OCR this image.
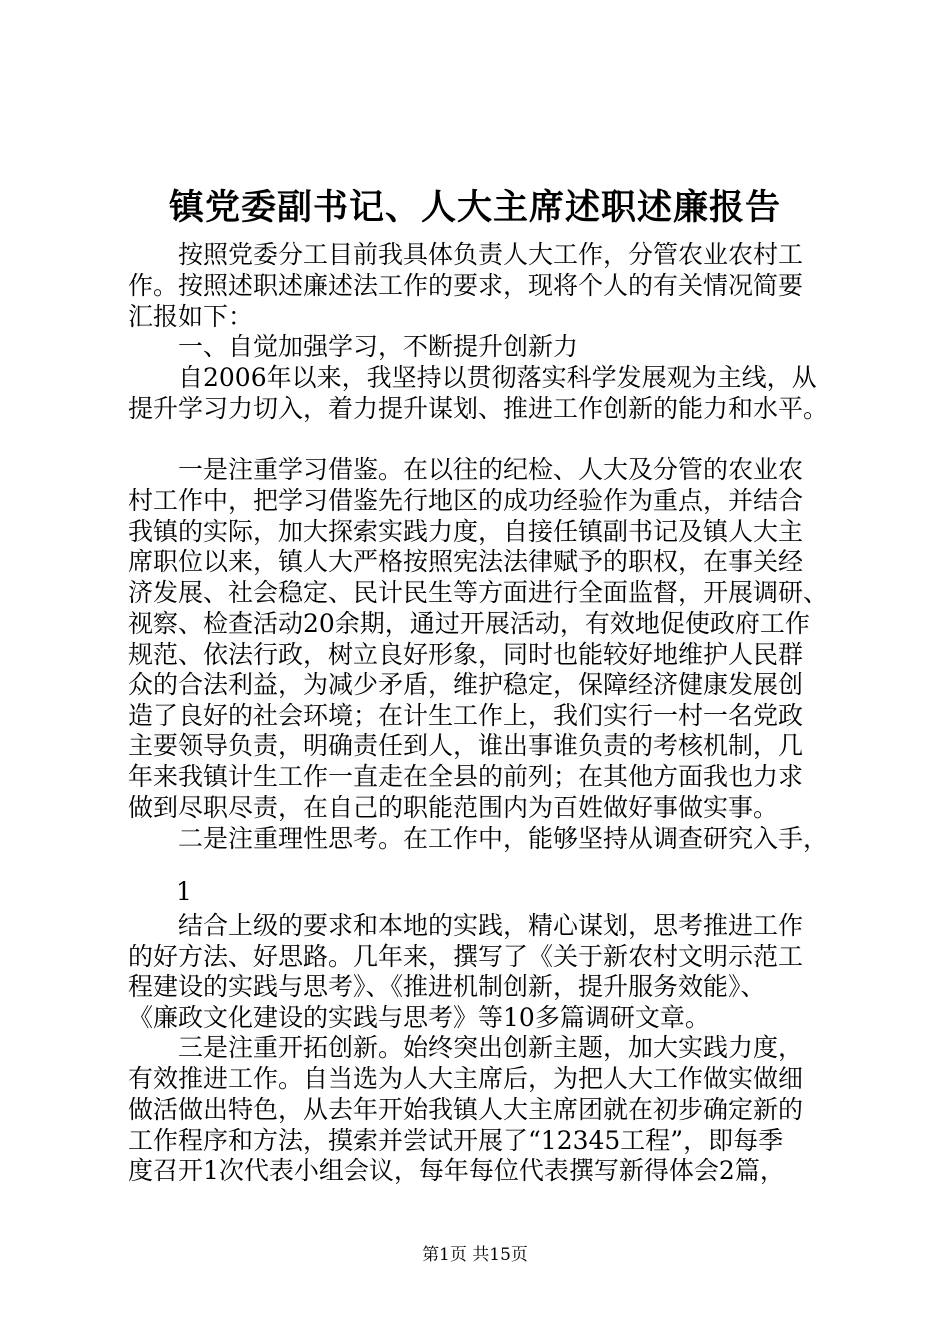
镇党委副书记、人大主席述职述廉报告
　　按照党委分工目前我具体负责人大工作，分管农业农村工
作。按照述职述廉述法工作的要求，现将个人的有关情况简要
汇报如下：
　　一、自觉加强学习，不断提升创新力
　　自2006年以来，我坚持以贯彻落实科学发展观为主线，从
提升学习力切入，着力提升谋划、推进工作创新的能力和水平。
　　一是注重学习借鉴。在以往的纪检、人大及分管的农业农
村工作中，把学习借鉴先行地区的成功经验作为重点，并结合
我镇的实际，加大探索实践力度，自接任镇副书记及镇人大主
席职位以来，镇人大严格按照宪法法律赋予的职权，在事关经
济发展、社会稳定、民计民生等方面进行全面监督，开展调研、
视察、检查活动20余期，通过开展活动，有效地促使政府工作
规范、依法行政，树立良好形象，同时也能较好地维护人民群
众的合法利益，为减少矛盾，维护稳定，保障经济健康发展创
造了良好的社会环境；在计生工作上，我们实行一村一名党政
主要领导负责，明确责任到人，谁出事谁负责的考核机制，几
年来我镇计生工作一直走在全县的前列；在其他方面我也力求
做到尽职尽责，在自己的职能范围内为百姓做好事做实事。
　　二是注重理性思考。在工作中，能够坚持从调查研究入手，
　　结合上级的要求和本地的实践，精心谋划，思考推进工作
的好方法、好思路。几年来，撰写了《关于新农村文明示范工
程建设的实践与思考》、《推进机制创新，提升服务效能》、
《廉政文化建设的实践与思考》等10多篇调研文章。
　　三是注重开拓创新。始终突出创新主题，加大实践力度，
有效推进工作。自当选为人大主席后，为把人大工作做实做细
做活做出特色，从去年开始我镇人大主席团就在初步确定新的
工作程序和方法，摸索并尝试开展了“12345工程”，即每季
度召开1次代表小组会议，每年每位代表撰写新得体会2篇，
1
第1页 共15页
